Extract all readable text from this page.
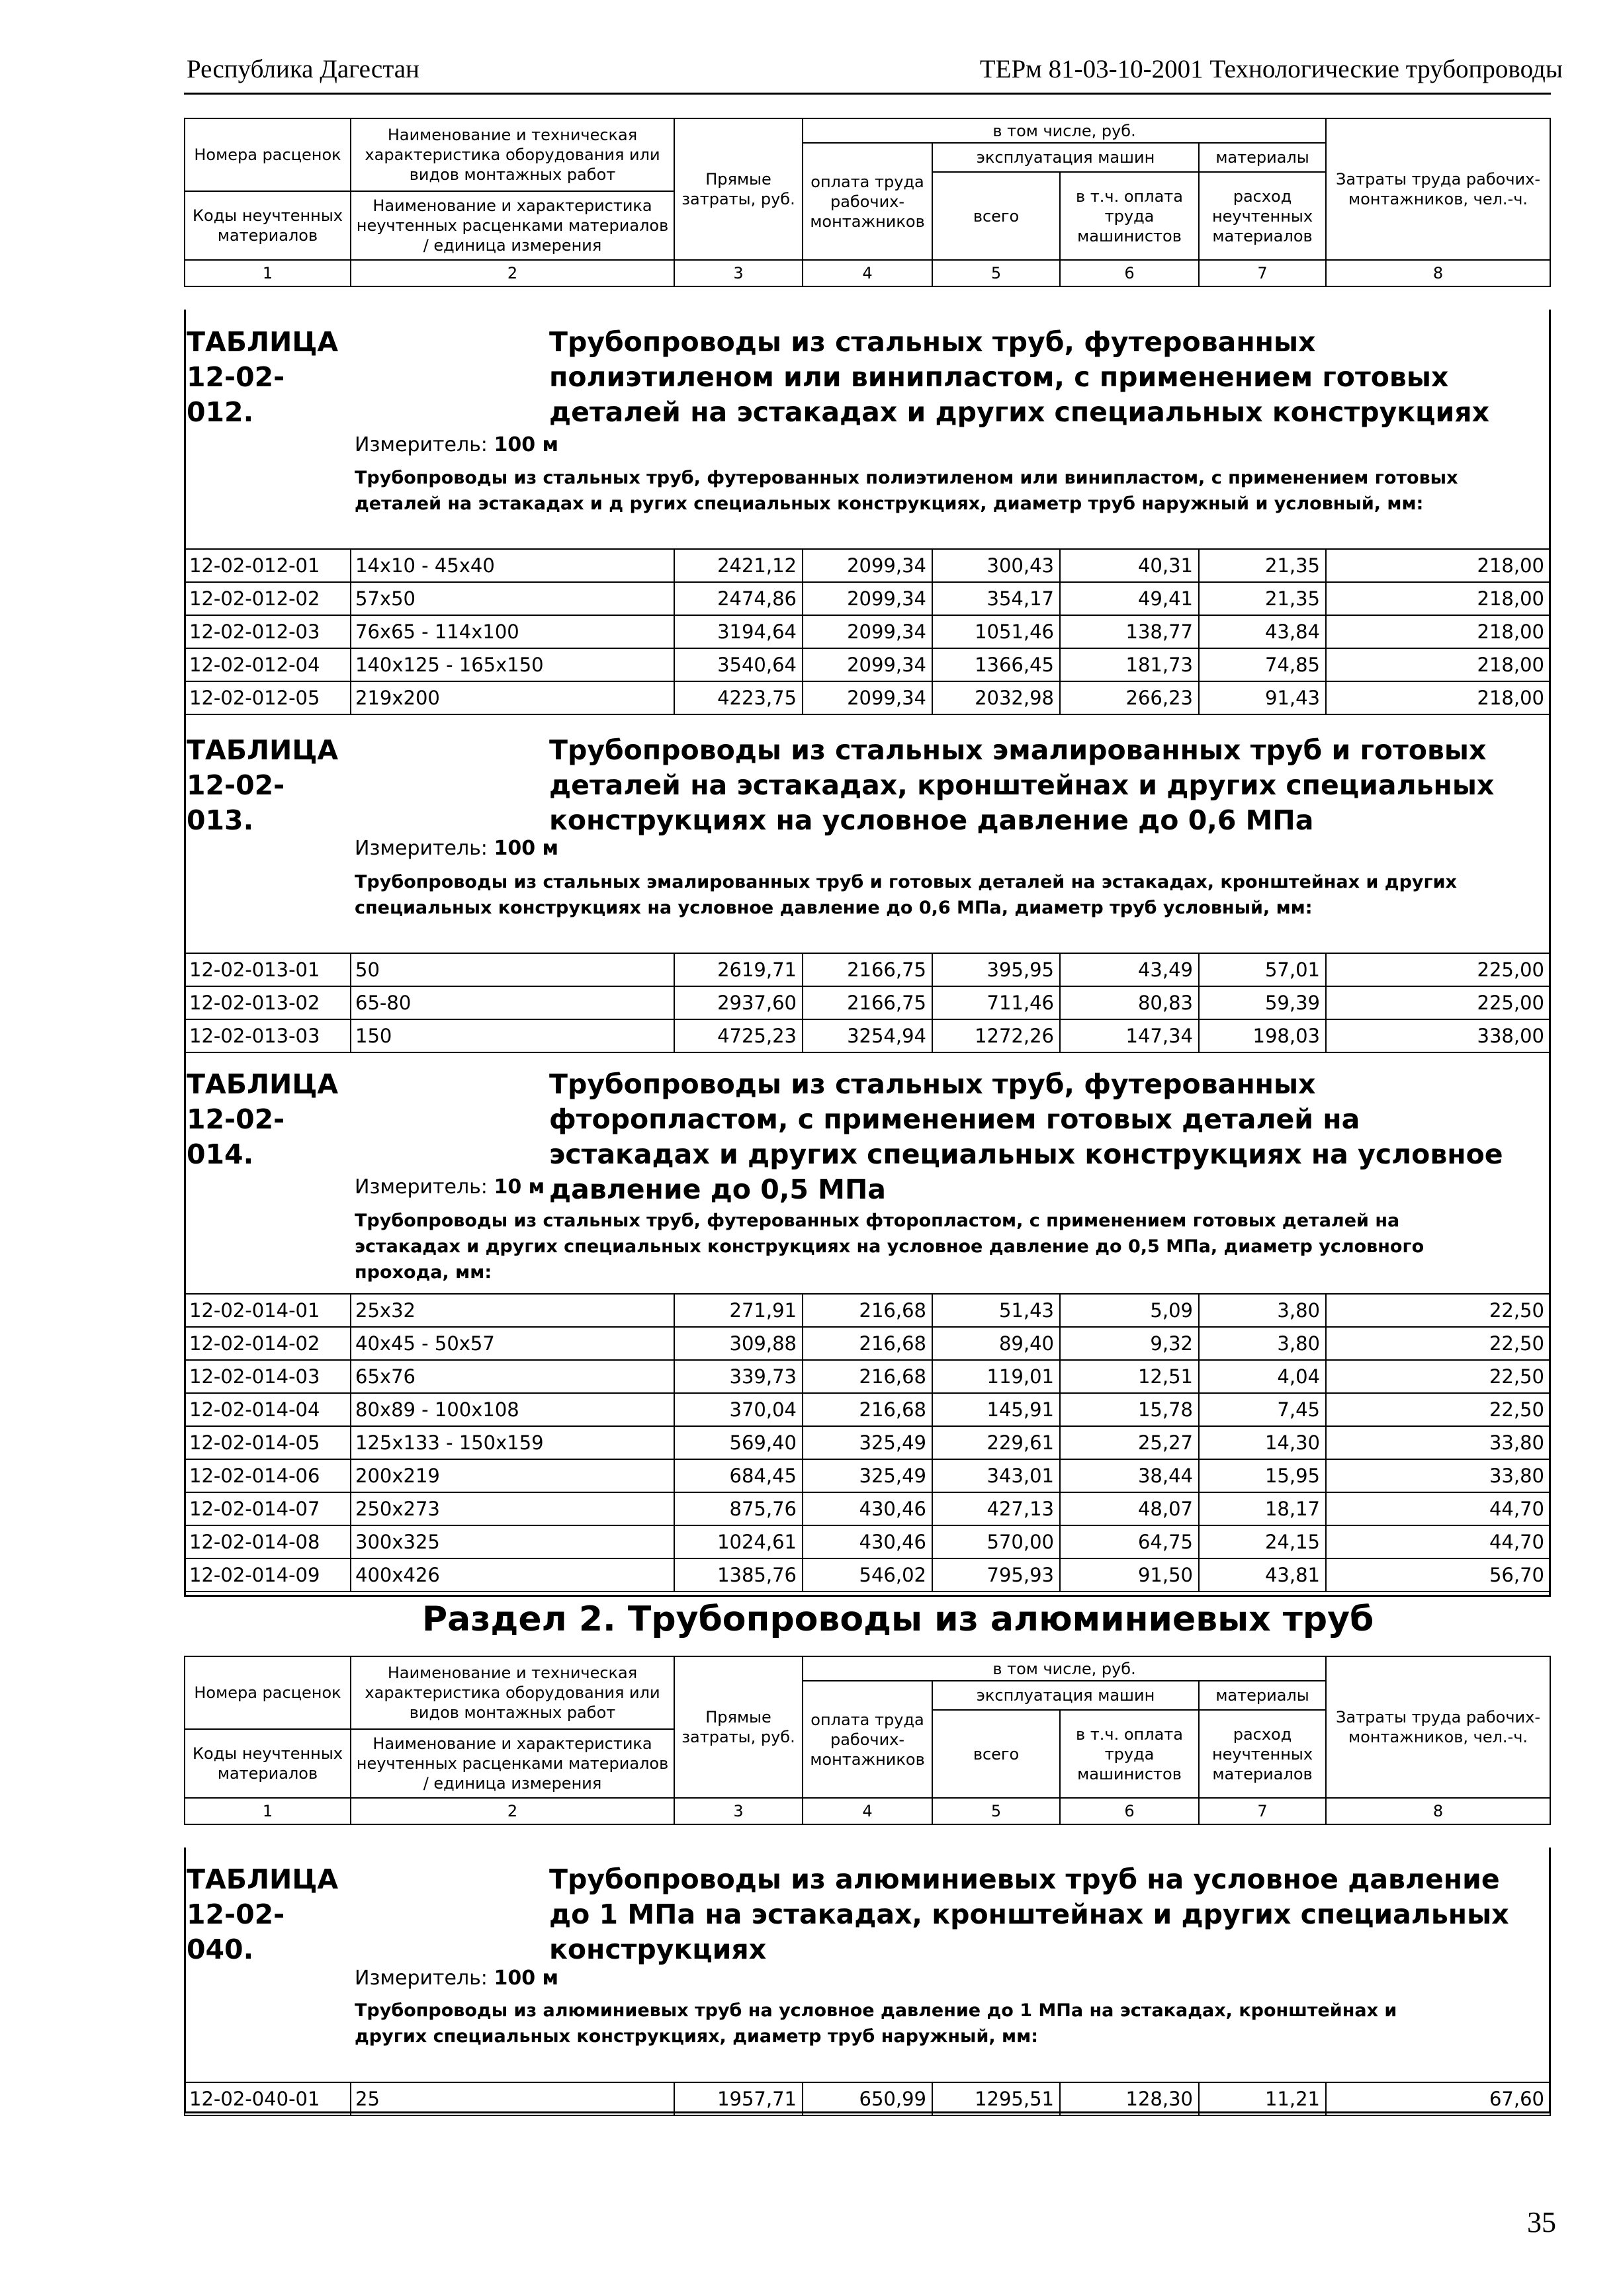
Республика Дагестан	ТЕРм 81-03-10-2001 Технологические трубопроводы
Номера расценок	Наименование и техническая характеристика оборудования или видов монтажных работ	Прямые затраты, руб.	в том числе, руб.				Затраты труда рабочих-монтажников, чел.-ч.
			оплата труда рабочих-монтажников	эксплуатация машин		материалы	
				всего	в т.ч. оплата труда машинистов	расход неучтенных материалов	
Коды неучтенных материалов	Наименование и характеристика неучтенных расценками материалов / единица измерения						

1	2	3	4	5	6	7	8
ТАБЛИЦА 12-02-012.
Трубопроводы из стальных труб, футерованных полиэтиленом или винипластом, с применением готовых деталей на эстакадах и других специальных конструкциях
Измеритель: 100 м
Трубопроводы из стальных труб, футерованных полиэтиленом или винипластом, с применением готовых деталей на эстакадах и д ругих специальных конструкциях, диаметр труб наружный и условный, мм:
12-02-012-01	14x10 - 45x40	2421,12	2099,34	300,43	40,31	21,35	218,00
12-02-012-02	57x50	2474,86	2099,34	354,17	49,41	21,35	218,00
12-02-012-03	76x65 - 114x100	3194,64	2099,34	1051,46	138,77	43,84	218,00
12-02-012-04	140x125 - 165x150	3540,64	2099,34	1366,45	181,73	74,85	218,00
12-02-012-05	219x200	4223,75	2099,34	2032,98	266,23	91,43	218,00
ТАБЛИЦА 12-02-013.
Трубопроводы из стальных эмалированных труб и готовых деталей на эстакадах, кронштейнах и других специальных конструкциях на условное давление до 0,6 МПа
Измеритель: 100 м
Трубопроводы из стальных эмалированных труб и готовых деталей на эстакадах, кронштейнах и других специальных конструкциях на условное давление до 0,6 МПа, диаметр труб условный, мм:
12-02-013-01	50	2619,71	2166,75	395,95	43,49	57,01	225,00
12-02-013-02	65-80	2937,60	2166,75	711,46	80,83	59,39	225,00
12-02-013-03	150	4725,23	3254,94	1272,26	147,34	198,03	338,00
ТАБЛИЦА 12-02-014.
Трубопроводы из стальных труб, футерованных фторопластом, с применением готовых деталей на эстакадах и других специальных конструкциях на условное давление до 0,5 МПа
Измеритель: 10 м
Трубопроводы из стальных труб, футерованных фторопластом, с применением готовых деталей на эстакадах и других специальных конструкциях на условное давление до 0,5 МПа, диаметр условного прохода, мм:
12-02-014-01	25x32	271,91	216,68	51,43	5,09	3,80	22,50
12-02-014-02	40x45 - 50x57	309,88	216,68	89,40	9,32	3,80	22,50
12-02-014-03	65x76	339,73	216,68	119,01	12,51	4,04	22,50
12-02-014-04	80x89 - 100x108	370,04	216,68	145,91	15,78	7,45	22,50
12-02-014-05	125x133 - 150x159	569,40	325,49	229,61	25,27	14,30	33,80
12-02-014-06	200x219	684,45	325,49	343,01	38,44	15,95	33,80
12-02-014-07	250x273	875,76	430,46	427,13	48,07	18,17	44,70
12-02-014-08	300x325	1024,61	430,46	570,00	64,75	24,15	44,70
12-02-014-09	400x426	1385,76	546,02	795,93	91,50	43,81	56,70
Раздел 2. Трубопроводы из алюминиевых труб
Номера расценок	Наименование и техническая характеристика оборудования или видов монтажных работ	Прямые затраты, руб.	в том числе, руб.				Затраты труда рабочих-монтажников, чел.-ч.
			оплата труда рабочих-монтажников	эксплуатация машин		материалы	
				всего	в т.ч. оплата труда машинистов	расход неучтенных материалов	
Коды неучтенных материалов	Наименование и характеристика неучтенных расценками материалов / единица измерения						

1	2	3	4	5	6	7	8
ТАБЛИЦА 12-02-040.
Трубопроводы из алюминиевых труб на условное давление до 1 МПа на эстакадах, кронштейнах и других специальных конструкциях
Измеритель: 100 м
Трубопроводы из алюминиевых труб на условное давление до 1 МПа на эстакадах, кронштейнах и других специальных конструкциях, диаметр труб наружный, мм:
12-02-040-01	25	1957,71	650,99	1295,51	128,30	11,21	67,60
35
